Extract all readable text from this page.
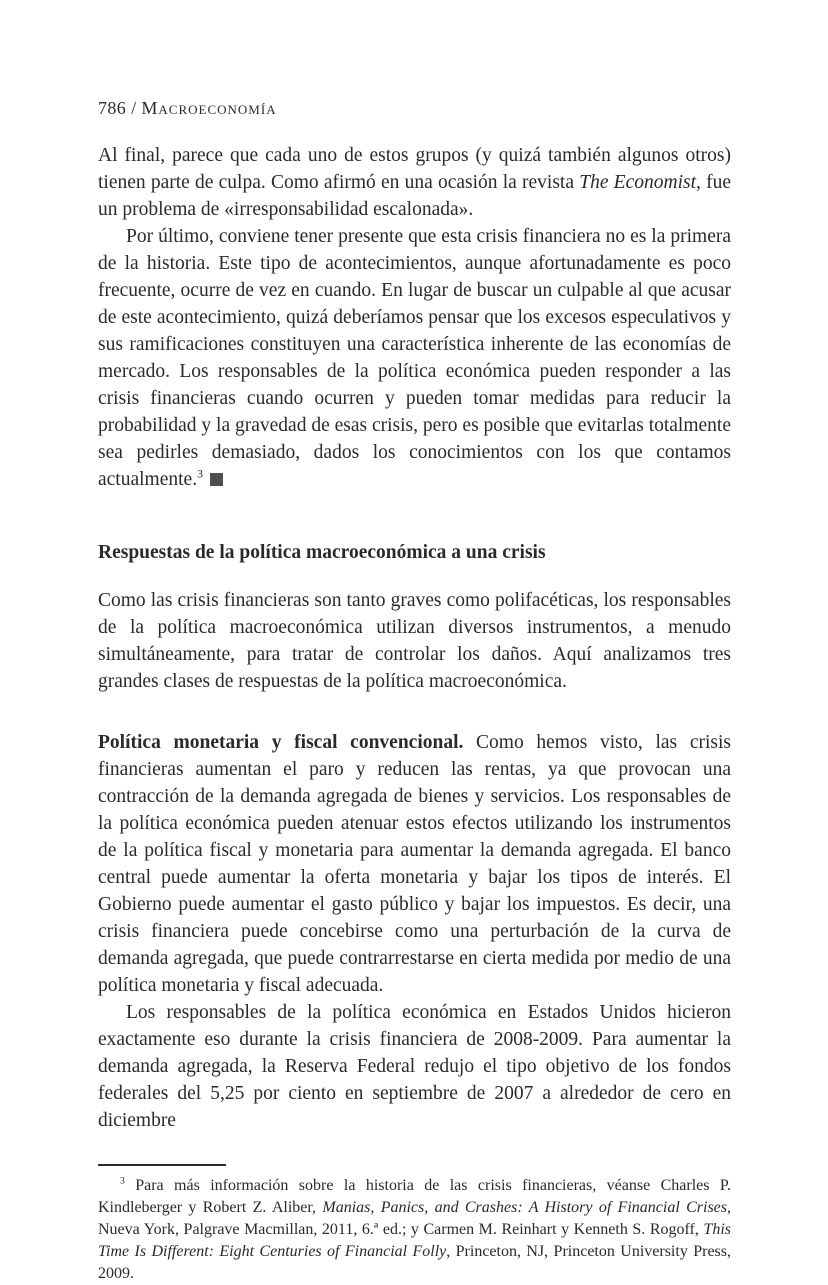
786 / Macroeconomía

Al final, parece que cada uno de estos grupos (y quizá también algunos otros) tienen parte de culpa. Como afirmó en una ocasión la revista The Economist, fue un problema de «irresponsabilidad escalonada».

Por último, conviene tener presente que esta crisis financiera no es la primera de la historia. Este tipo de acontecimientos, aunque afortunadamente es poco frecuente, ocurre de vez en cuando. En lugar de buscar un culpable al que acusar de este acontecimiento, quizá deberíamos pensar que los excesos especulativos y sus ramificaciones constituyen una característica inherente de las economías de mercado. Los responsables de la política económica pueden responder a las crisis financieras cuando ocurren y pueden tomar medidas para reducir la probabilidad y la gravedad de esas crisis, pero es posible que evitarlas totalmente sea pedirles demasiado, dados los conocimientos con los que contamos actualmente.$^3$

Respuestas de la política macroeconómica a una crisis

Como las crisis financieras son tanto graves como polifacéticas, los responsables de la política macroeconómica utilizan diversos instrumentos, a menudo simultáneamente, para tratar de controlar los daños. Aquí analizamos tres grandes clases de respuestas de la política macroeconómica.

Política monetaria y fiscal convencional. Como hemos visto, las crisis financieras aumentan el paro y reducen las rentas, ya que provocan una contracción de la demanda agregada de bienes y servicios. Los responsables de la política económica pueden atenuar estos efectos utilizando los instrumentos de la política fiscal y monetaria para aumentar la demanda agregada. El banco central puede aumentar la oferta monetaria y bajar los tipos de interés. El Gobierno puede aumentar el gasto público y bajar los impuestos. Es decir, una crisis financiera puede concebirse como una perturbación de la curva de demanda agregada, que puede contrarrestarse en cierta medida por medio de una política monetaria y fiscal adecuada.

Los responsables de la política económica en Estados Unidos hicieron exactamente eso durante la crisis financiera de 2008-2009. Para aumentar la demanda agregada, la Reserva Federal redujo el tipo objetivo de los fondos federales del 5,25 por ciento en septiembre de 2007 a alrededor de cero en diciembre

$^3$ Para más información sobre la historia de las crisis financieras, véanse Charles P. Kindleberger y Robert Z. Aliber, Manias, Panics, and Crashes: A History of Financial Crises, Nueva York, Palgrave Macmillan, 2011, 6.ª ed.; y Carmen M. Reinhart y Kenneth S. Rogoff, This Time Is Different: Eight Centuries of Financial Folly, Princeton, NJ, Princeton University Press, 2009.
